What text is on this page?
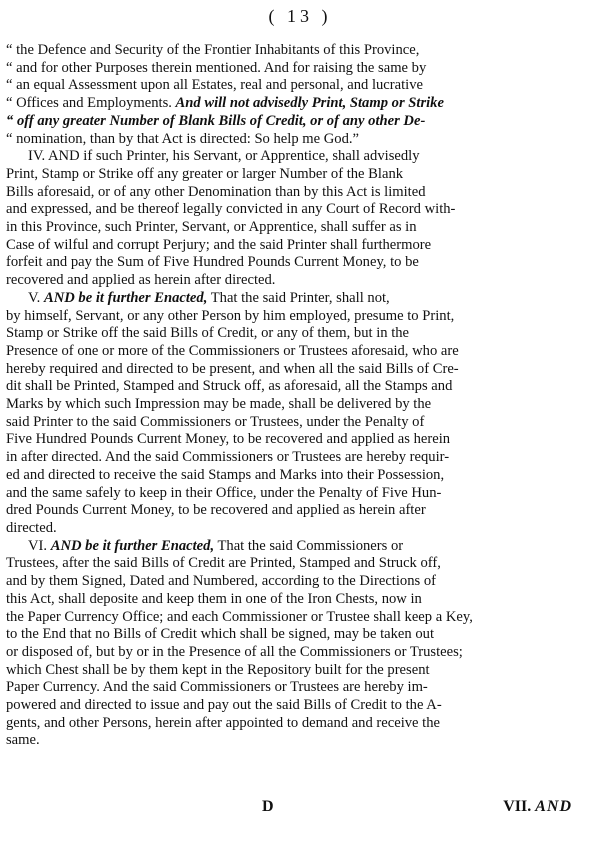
( 13 )
“ the Defence and Security of the Frontier Inhabitants of this Province,
“ and for other Purposes therein mentioned. And for raising the same by
“ an equal Assessment upon all Estates, real and personal, and lucrative
“ Offices and Employments. And will not advisedly Print, Stamp or Strike
“ off any greater Number of Blank Bills of Credit, or of any other De-
“ nomination, than by that Act is directed: So help me God.”
IV. AND if such Printer, his Servant, or Apprentice, shall advisedly
Print, Stamp or Strike off any greater or larger Number of the Blank
Bills aforesaid, or of any other Denomination than by this Act is limited
and expressed, and be thereof legally convicted in any Court of Record with-
in this Province, such Printer, Servant, or Apprentice, shall suffer as in
Case of wilful and corrupt Perjury; and the said Printer shall furthermore
forfeit and pay the Sum of Five Hundred Pounds Current Money, to be
recovered and applied as herein after directed.
V. AND be it further Enacted, That the said Printer, shall not,
by himself, Servant, or any other Person by him employed, presume to Print,
Stamp or Strike off the said Bills of Credit, or any of them, but in the
Presence of one or more of the Commissioners or Trustees aforesaid, who are
hereby required and directed to be present, and when all the said Bills of Cre-
dit shall be Printed, Stamped and Struck off, as aforesaid, all the Stamps and
Marks by which such Impression may be made, shall be delivered by the
said Printer to the said Commissioners or Trustees, under the Penalty of
Five Hundred Pounds Current Money, to be recovered and applied as herein
in after directed. And the said Commissioners or Trustees are hereby requir-
ed and directed to receive the said Stamps and Marks into their Possession,
and the same safely to keep in their Office, under the Penalty of Five Hun-
dred Pounds Current Money, to be recovered and applied as herein after
directed.
VI. AND be it further Enacted, That the said Commissioners or
Trustees, after the said Bills of Credit are Printed, Stamped and Struck off,
and by them Signed, Dated and Numbered, according to the Directions of
this Act, shall deposite and keep them in one of the Iron Chests, now in
the Paper Currency Office; and each Commissioner or Trustee shall keep a Key,
to the End that no Bills of Credit which shall be signed, may be taken out
or disposed of, but by or in the Presence of all the Commissioners or Trustees;
which Chest shall be by them kept in the Repository built for the present
Paper Currency. And the said Commissioners or Trustees are hereby im-
powered and directed to issue and pay out the said Bills of Credit to the A-
gents, and other Persons, herein after appointed to demand and receive the
same.
D	VII. AND
